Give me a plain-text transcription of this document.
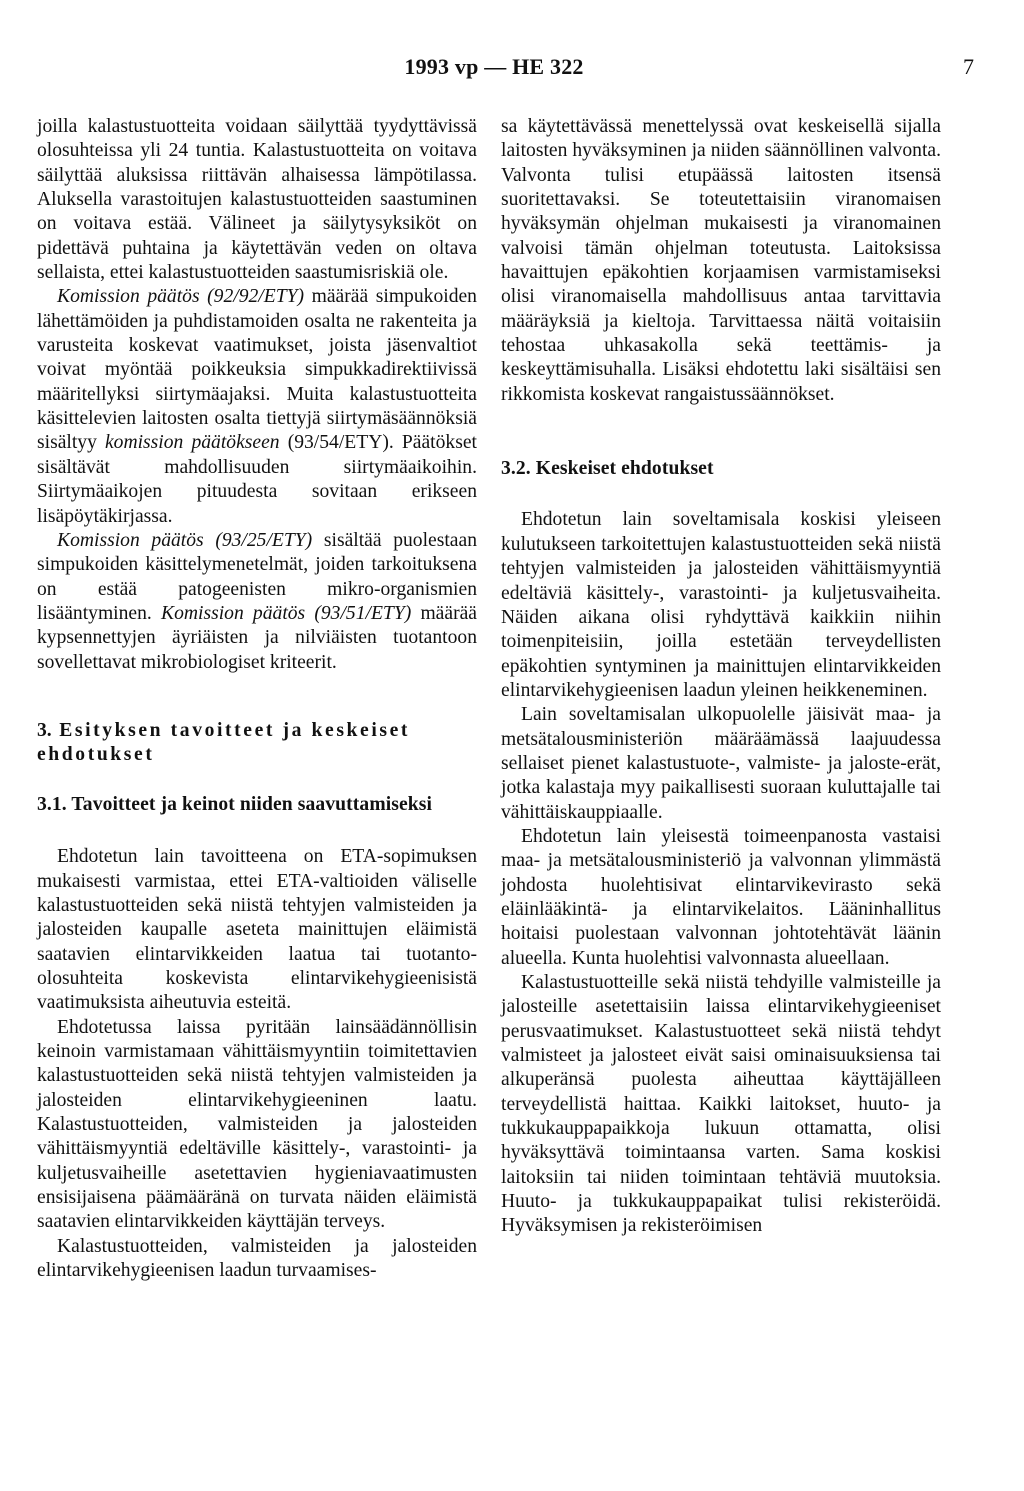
1993 vp — HE 322	7

joilla kalastustuotteita voidaan säilyttää tyydyttävissä olosuhteissa yli 24 tuntia. Kalastustuotteita on voitava säilyttää aluksissa riittävän alhaisessa lämpötilassa. Aluksella varastoitujen kalastustuotteiden saastuminen on voitava estää. Välineet ja säilytysyksiköt on pidettävä puhtaina ja käytettävän veden on oltava sellaista, ettei kalastustuotteiden saastumisriskiä ole.

Komission päätös (92/92/ETY) määrää simpukoiden lähettämöiden ja puhdistamoiden osalta ne rakenteita ja varusteita koskevat vaatimukset, joista jäsenvaltiot voivat myöntää poikkeuksia simpukkadirektiivissä määritellyksi siirtymäajaksi. Muita kalastustuotteita käsittelevien laitosten osalta tiettyjä siirtymäsäännöksiä sisältyy komission päätökseen (93/54/ETY). Päätökset sisältävät mahdollisuuden siirtymäaikoihin. Siirtymäaikojen pituudesta sovitaan erikseen lisäpöytäkirjassa.

Komission päätös (93/25/ETY) sisältää puolestaan simpukoiden käsittelymenetelmät, joiden tarkoituksena on estää patogeenisten mikro-organismien lisääntyminen. Komission päätös (93/51/ETY) määrää kypsennettyjen äyriäisten ja nilviäisten tuotantoon sovellettavat mikrobiologiset kriteerit.

3. Esityksen tavoitteet ja keskeiset ehdotukset

3.1. Tavoitteet ja keinot niiden saavuttamiseksi

Ehdotetun lain tavoitteena on ETA-sopimuksen mukaisesti varmistaa, ettei ETA-valtioiden väliselle kalastustuotteiden sekä niistä tehtyjen valmisteiden ja jalosteiden kaupalle aseteta mainittujen eläimistä saatavien elintarvikkeiden laatua tai tuotanto-olosuhteita koskevista elintarvikehygieenisistä vaatimuksista aiheutuvia esteitä.

Ehdotetussa laissa pyritään lainsäädännöllisin keinoin varmistamaan vähittäismyyntiin toimitettavien kalastustuotteiden sekä niistä tehtyjen valmisteiden ja jalosteiden elintarvikehygieeninen laatu. Kalastustuotteiden, valmisteiden ja jalosteiden vähittäismyyntiä edeltäville käsittely-, varastointi- ja kuljetusvaiheille asetettavien hygieniavaatimusten ensisijaisena päämääränä on turvata näiden eläimistä saatavien elintarvikkeiden käyttäjän terveys.

Kalastustuotteiden, valmisteiden ja jalosteiden elintarvikehygieenisen laadun turvaamises-

sa käytettävässä menettelyssä ovat keskeisellä sijalla laitosten hyväksyminen ja niiden säännöllinen valvonta. Valvonta tulisi etupäässä laitosten itsensä suoritettavaksi. Se toteutettaisiin viranomaisen hyväksymän ohjelman mukaisesti ja viranomainen valvoisi tämän ohjelman toteutusta. Laitoksissa havaittujen epäkohtien korjaamisen varmistamiseksi olisi viranomaisella mahdollisuus antaa tarvittavia määräyksiä ja kieltoja. Tarvittaessa näitä voitaisiin tehostaa uhkasakolla sekä teettämis- ja keskeyttämisuhalla. Lisäksi ehdotettu laki sisältäisi sen rikkomista koskevat rangaistussäännökset.

3.2. Keskeiset ehdotukset

Ehdotetun lain soveltamisala koskisi yleiseen kulutukseen tarkoitettujen kalastustuotteiden sekä niistä tehtyjen valmisteiden ja jalosteiden vähittäismyyntiä edeltäviä käsittely-, varastointi- ja kuljetusvaiheita. Näiden aikana olisi ryhdyttävä kaikkiin niihin toimenpiteisiin, joilla estetään terveydellisten epäkohtien syntyminen ja mainittujen elintarvikkeiden elintarvikehygieenisen laadun yleinen heikkeneminen.

Lain soveltamisalan ulkopuolelle jäisivät maa- ja metsätalousministeriön määräämässä laajuudessa sellaiset pienet kalastustuote-, valmiste- ja jaloste-erät, jotka kalastaja myy paikallisesti suoraan kuluttajalle tai vähittäiskauppiaalle.

Ehdotetun lain yleisestä toimeenpanosta vastaisi maa- ja metsätalousministeriö ja valvonnan ylimmästä johdosta huolehtisivat elintarvikevirasto sekä eläinlääkintä- ja elintarvikelaitos. Lääninhallitus hoitaisi puolestaan valvonnan johtotehtävät läänin alueella. Kunta huolehtisi valvonnasta alueellaan.

Kalastustuotteille sekä niistä tehdyille valmisteille ja jalosteille asetettaisiin laissa elintarvikehygieeniset perusvaatimukset. Kalastustuotteet sekä niistä tehdyt valmisteet ja jalosteet eivät saisi ominaisuuksiensa tai alkuperänsä puolesta aiheuttaa käyttäjälleen terveydellistä haittaa. Kaikki laitokset, huuto- ja tukkukauppapaikkoja lukuun ottamatta, olisi hyväksyttävä toimintaansa varten. Sama koskisi laitoksiin tai niiden toimintaan tehtäviä muutoksia. Huuto- ja tukkukauppapaikat tulisi rekisteröidä. Hyväksymisen ja rekisteröimisen
